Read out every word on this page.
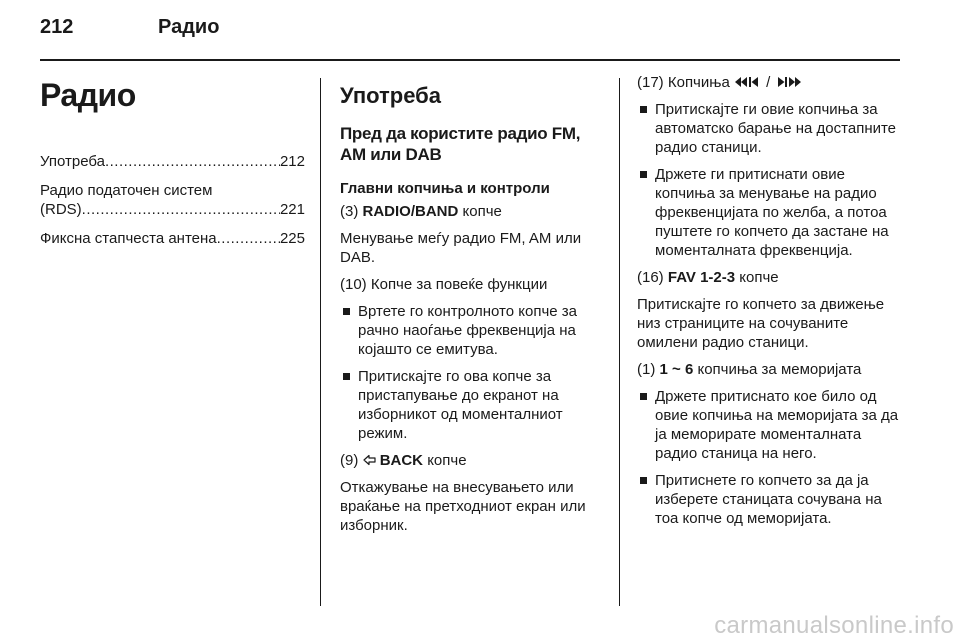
212	Радио
Радио
Употреба .....	212
Радио податочен систем
(RDS) .....	221
Фиксна стапчеста антена .....	225
Употреба
Пред да користите радио FM, AM или DAB
Главни копчиња и контроли

(3) RADIO/BAND копче

Менување меѓу радио FM, AM или DAB.

(10) Копче за повеќе функции

Вртете го контролното копче за рачно наоѓање фреквенција на којашто се емитува.
Притискајте го ова копче за пристапување до екранот на изборникот од моменталниот режим.

(9) BACK копче

Откажување на внесувањето или враќање на претходниот екран или изборник.

(17) Копчиња /

Притискајте ги овие копчиња за автоматско барање на достапните радио станици.
Држете ги притиснати овие копчиња за менување на радио фреквенцијата по желба, а потоа пуштете го копчето да застане на моменталната фреквенција.

(16) FAV 1-2-3 копче

Притискајте го копчето за движење низ страниците на сочуваните омилени радио станици.

(1) 1 ~ 6 копчиња за меморијата

Држете притиснато кое било од овие копчиња на меморијата за да ја меморирате моменталната радио станица на него.
Притиснете го копчето за да ја изберете станицата сочувана на тоа копче од меморијата.
carmanualsonline.info
